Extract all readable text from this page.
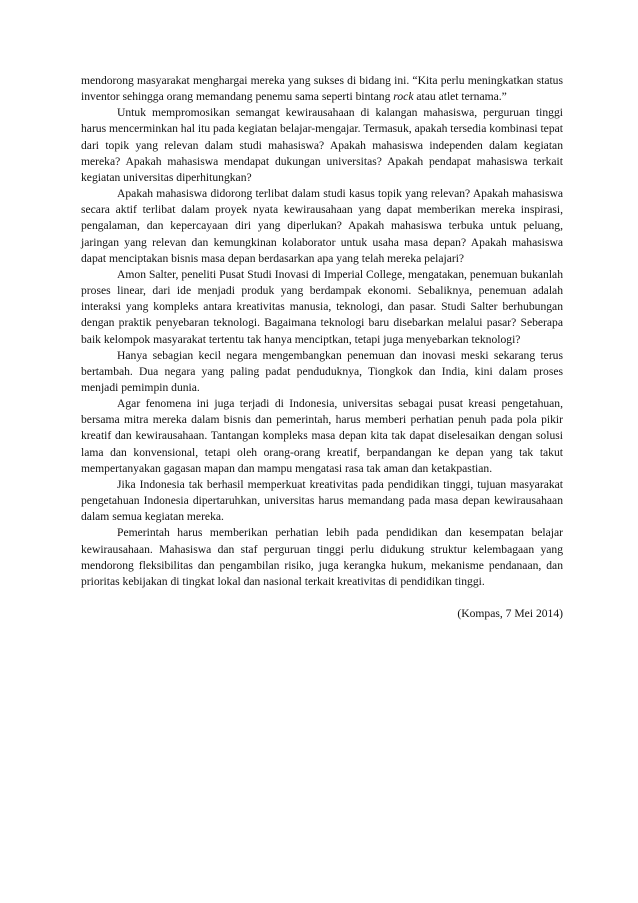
mendorong masyarakat menghargai mereka yang sukses di bidang ini. “Kita perlu meningkatkan status inventor sehingga orang memandang penemu sama seperti bintang rock atau atlet ternama.”

Untuk mempromosikan semangat kewirausahaan di kalangan mahasiswa, perguruan tinggi harus mencerminkan hal itu pada kegiatan belajar-mengajar. Termasuk, apakah tersedia kombinasi tepat dari topik yang relevan dalam studi mahasiswa? Apakah mahasiswa independen dalam kegiatan mereka? Apakah mahasiswa mendapat dukungan universitas? Apakah pendapat mahasiswa terkait kegiatan universitas diperhitungkan?

Apakah mahasiswa didorong terlibat dalam studi kasus topik yang relevan? Apakah mahasiswa secara aktif terlibat dalam proyek nyata kewirausahaan yang dapat memberikan mereka inspirasi, pengalaman, dan kepercayaan diri yang diperlukan? Apakah mahasiswa terbuka untuk peluang, jaringan yang relevan dan kemungkinan kolaborator untuk usaha masa depan? Apakah mahasiswa dapat menciptakan bisnis masa depan berdasarkan apa yang telah mereka pelajari?

Amon Salter, peneliti Pusat Studi Inovasi di Imperial College, mengatakan, penemuan bukanlah proses linear, dari ide menjadi produk yang berdampak ekonomi. Sebaliknya, penemuan adalah interaksi yang kompleks antara kreativitas manusia, teknologi, dan pasar. Studi Salter berhubungan dengan praktik penyebaran teknologi. Bagaimana teknologi baru disebarkan melalui pasar? Seberapa baik kelompok masyarakat tertentu tak hanya menciptkan, tetapi juga menyebarkan teknologi?

Hanya sebagian kecil negara mengembangkan penemuan dan inovasi meski sekarang terus bertambah. Dua negara yang paling padat penduduknya, Tiongkok dan India, kini dalam proses menjadi pemimpin dunia.

Agar fenomena ini juga terjadi di Indonesia, universitas sebagai pusat kreasi pengetahuan, bersama mitra mereka dalam bisnis dan pemerintah, harus memberi perhatian penuh pada pola pikir kreatif dan kewirausahaan. Tantangan kompleks masa depan kita tak dapat diselesaikan dengan solusi lama dan konvensional, tetapi oleh orang-orang kreatif, berpandangan ke depan yang tak takut mempertanyakan gagasan mapan dan mampu mengatasi rasa tak aman dan ketakpastian.

Jika Indonesia tak berhasil memperkuat kreativitas pada pendidikan tinggi, tujuan masyarakat pengetahuan Indonesia dipertaruhkan, universitas harus memandang pada masa depan kewirausahaan dalam semua kegiatan mereka.

Pemerintah harus memberikan perhatian lebih pada pendidikan dan kesempatan belajar kewirausahaan. Mahasiswa dan staf perguruan tinggi perlu didukung struktur kelembagaan yang mendorong fleksibilitas dan pengambilan risiko, juga kerangka hukum, mekanisme pendanaan, dan prioritas kebijakan di tingkat lokal dan nasional terkait kreativitas di pendidikan tinggi.

(Kompas, 7 Mei 2014)
